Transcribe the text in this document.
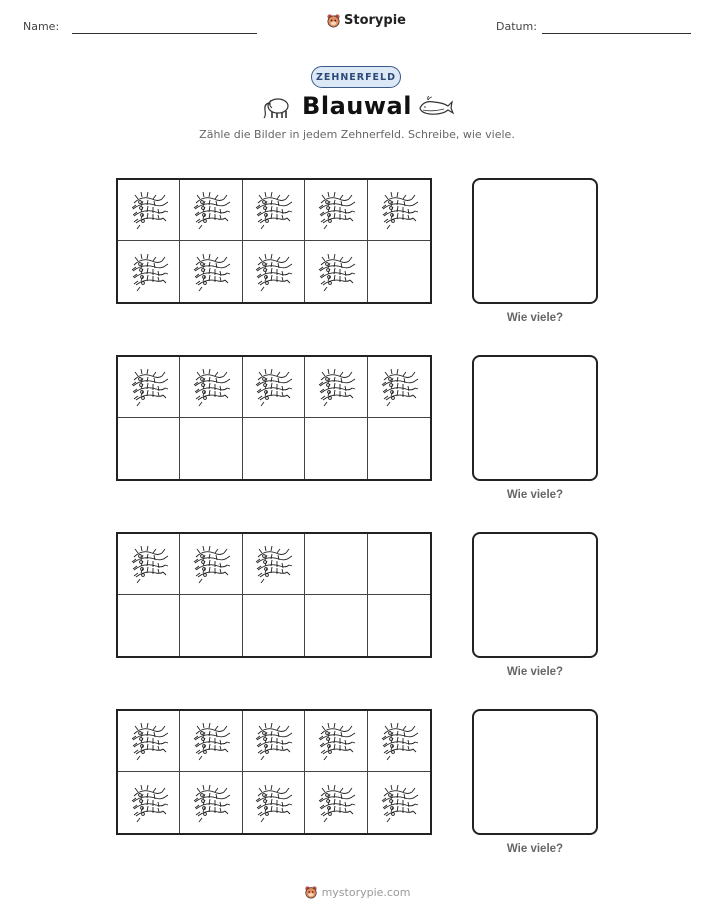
Name:	Storypie	Datum:
ZEHNERFELD
Blauwal
Zähle die Bilder in jedem Zehnerfeld. Schreibe, wie viele.
Wie viele?
Wie viele?
Wie viele?
Wie viele?
mystorypie.com
